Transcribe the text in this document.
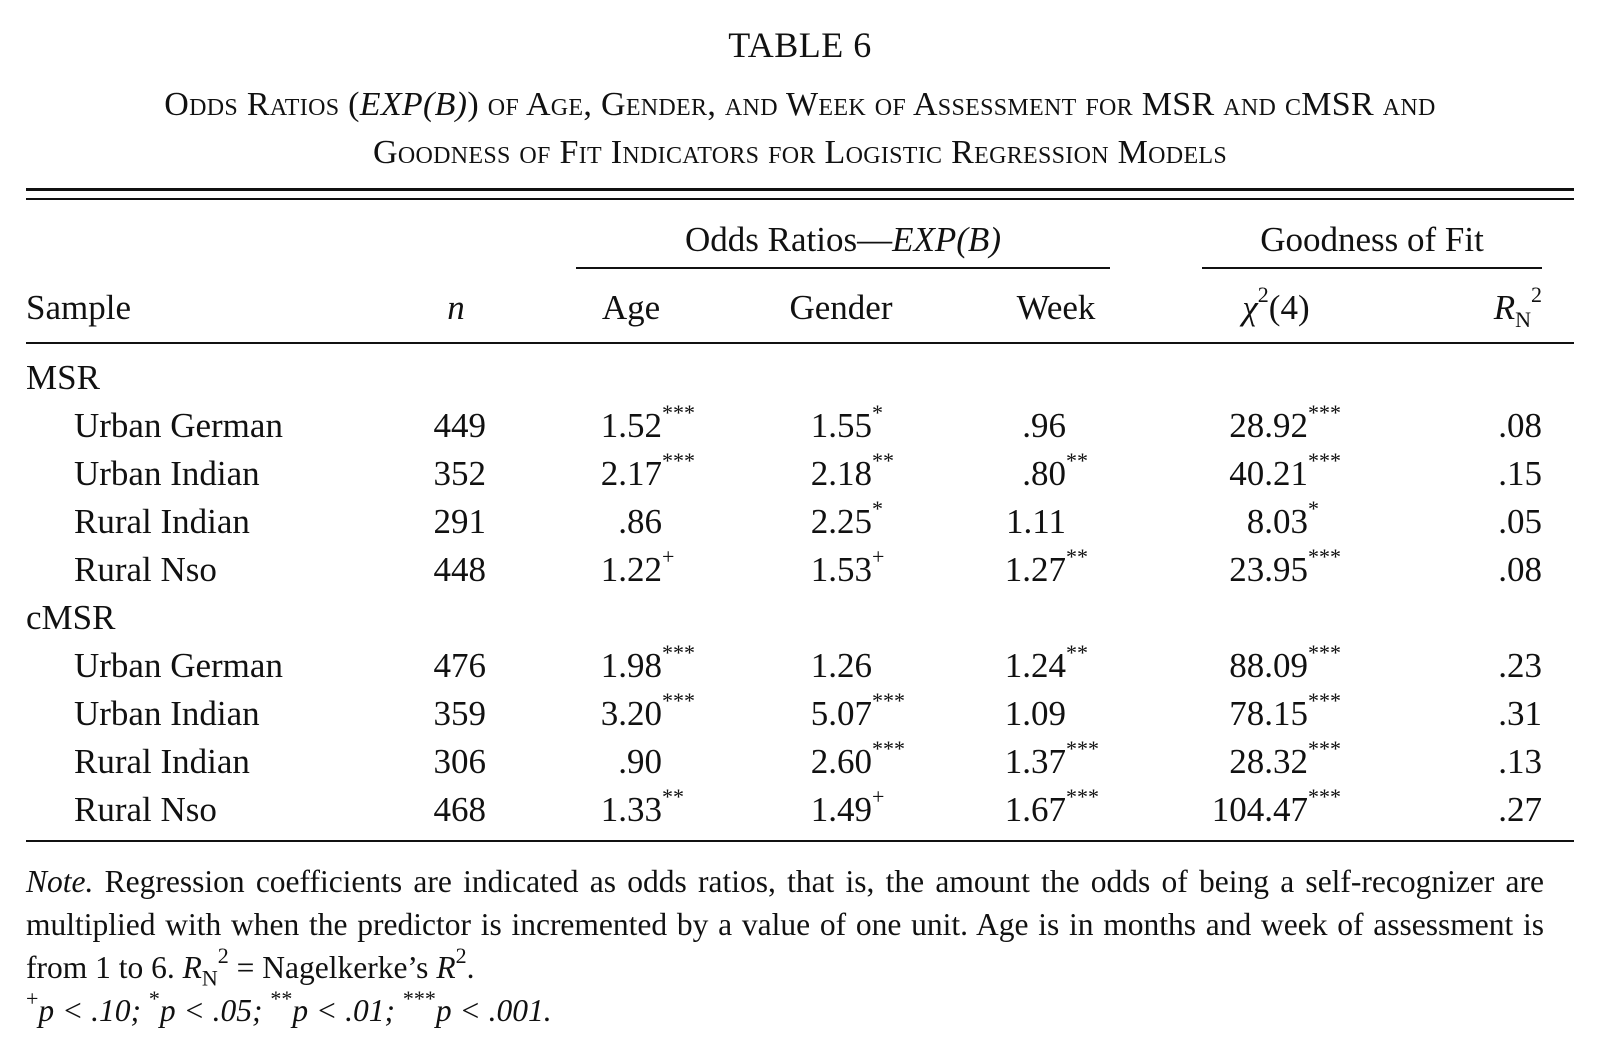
TABLE 6
Odds Ratios (EXP(B)) of Age, Gender, and Week of Assessment for MSR and cMSR and
Goodness of Fit Indicators for Logistic Regression Models
Odds Ratios—EXP(B)	Goodness of Fit
Sample	n	Age	Gender	Week	$\chi^2(4)$	$R_N^2$
MSR
Urban German	449	1.52***	1.55*	.96	28.92***	.08
Urban Indian	352	2.17***	2.18**	.80**	40.21***	.15
Rural Indian	291	.86	2.25*	1.11	8.03*	.05
Rural Nso	448	1.22+	1.53+	1.27**	23.95***	.08
cMSR
Urban German	476	1.98***	1.26	1.24**	88.09***	.23
Urban Indian	359	3.20***	5.07***	1.09	78.15***	.31
Rural Indian	306	.90	2.60***	1.37***	28.32***	.13
Rural Nso	468	1.33**	1.49+	1.67***	104.47***	.27

Note. Regression coefficients are indicated as odds ratios, that is, the amount the odds of being a self-recognizer are multiplied with when the predictor is incremented by a value of one unit. Age is in months and week of assessment is from 1 to 6. $R_N^2$ = Nagelkerke’s $R^2$.

+p < .10; *p < .05; **p < .01; ***p < .001.
